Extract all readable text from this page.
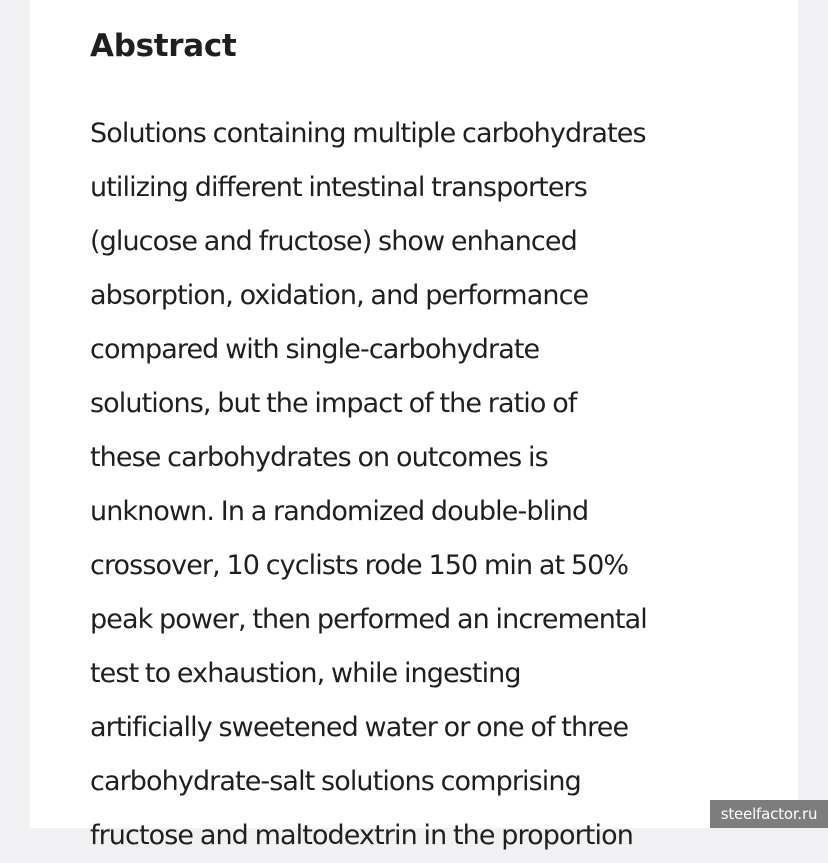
Abstract
Solutions containing multiple carbohydrates
utilizing different intestinal transporters
(glucose and fructose) show enhanced
absorption, oxidation, and performance
compared with single-carbohydrate
solutions, but the impact of the ratio of
these carbohydrates on outcomes is
unknown. In a randomized double-blind
crossover, 10 cyclists rode 150 min at 50%
peak power, then performed an incremental
test to exhaustion, while ingesting
artificially sweetened water or one of three
carbohydrate-salt solutions comprising
fructose and maltodextrin in the proportion
steelfactor.ru
